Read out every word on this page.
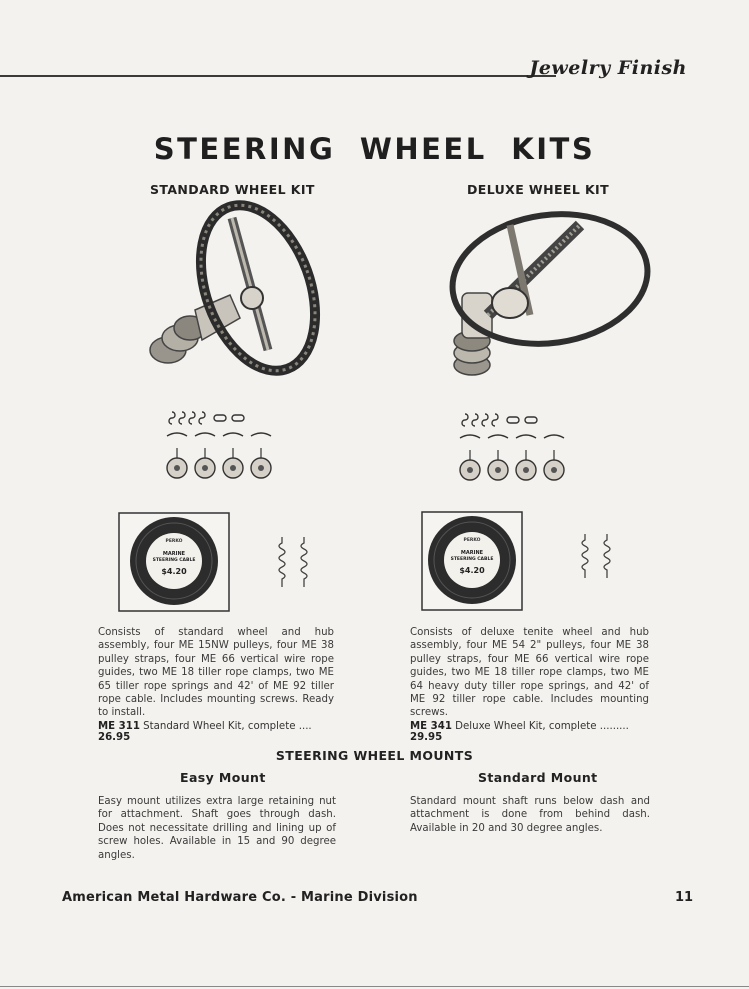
Jewelry Finish
STEERING WHEEL KITS
STANDARD WHEEL KIT	DELUXE WHEEL KIT
PERKO
MARINE
STEERING CABLE
$4.20
PERKO
MARINE
STEERING CABLE
$4.20
Consists of standard wheel and hub assembly, four ME 15NW pulleys, four ME 38 pulley straps, four ME 66 vertical wire rope guides, two ME 18 tiller rope clamps, two ME 65 tiller rope springs and 42' of ME 92 tiller rope cable. Includes mounting screws. Ready to install.
Consists of deluxe tenite wheel and hub assembly, four ME 54 2" pulleys, four ME 38 pulley straps, four ME 66 vertical wire rope guides, two ME 18 tiller rope clamps, two ME 64 heavy duty tiller rope springs, and 42' of ME 92 tiller rope cable. Includes mounting screws.
ME 311 Standard Wheel Kit, complete .... 26.95
ME 341 Deluxe Wheel Kit, complete ......... 29.95
STEERING WHEEL MOUNTS
Easy Mount	Standard Mount
Easy mount utilizes extra large retaining nut for attachment. Shaft goes through dash. Does not necessitate drilling and lining up of screw holes. Available in 15 and 90 degree angles.
Standard mount shaft runs below dash and attachment is done from behind dash. Available in 20 and 30 degree angles.
American Metal Hardware Co. - Marine Division	11
